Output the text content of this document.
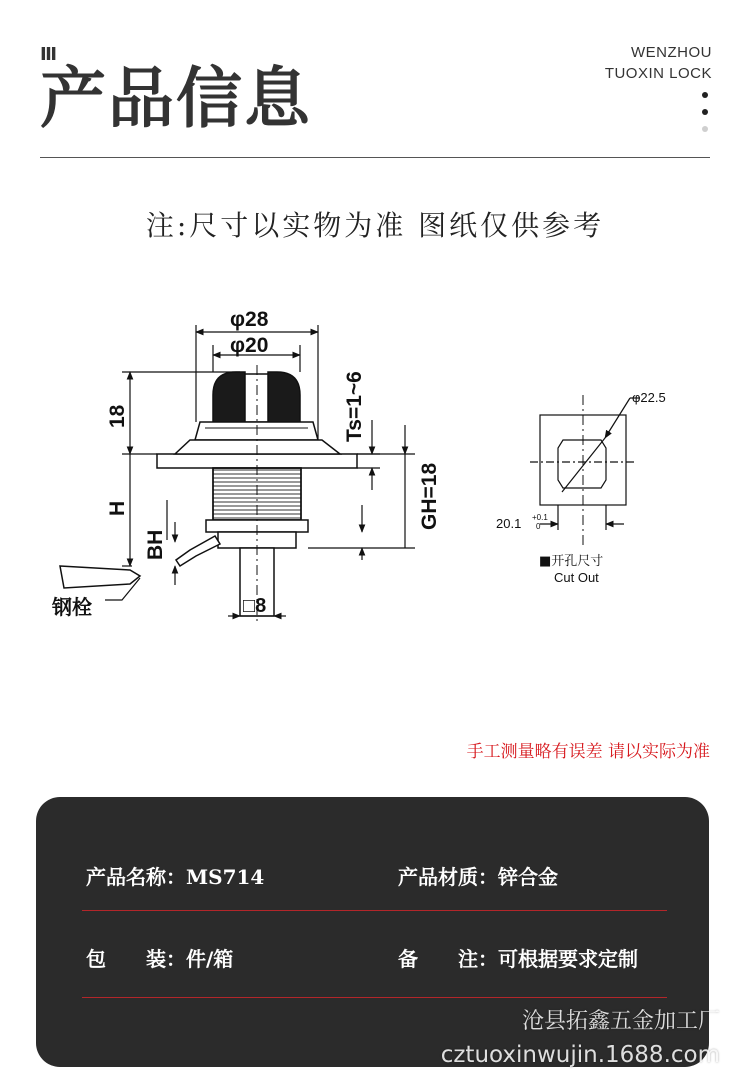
Ⅲ
产品信息
WENZHOU
TUOXIN LOCK
注:尺寸以实物为准 图纸仅供参考
φ28
φ20
18	Ts=1~6
GH=18
H
BH
□8
钢栓
φ22.5
20.1 +0.1
0
■开孔尺寸
Cut Out
手工测量略有误差 请以实际为准
产品名称：MS714	产品材质：锌合金
包　　装：件/箱	备　　注：可根据要求定制
沧县拓鑫五金加工厂
cztuoxinwujin.1688.com
